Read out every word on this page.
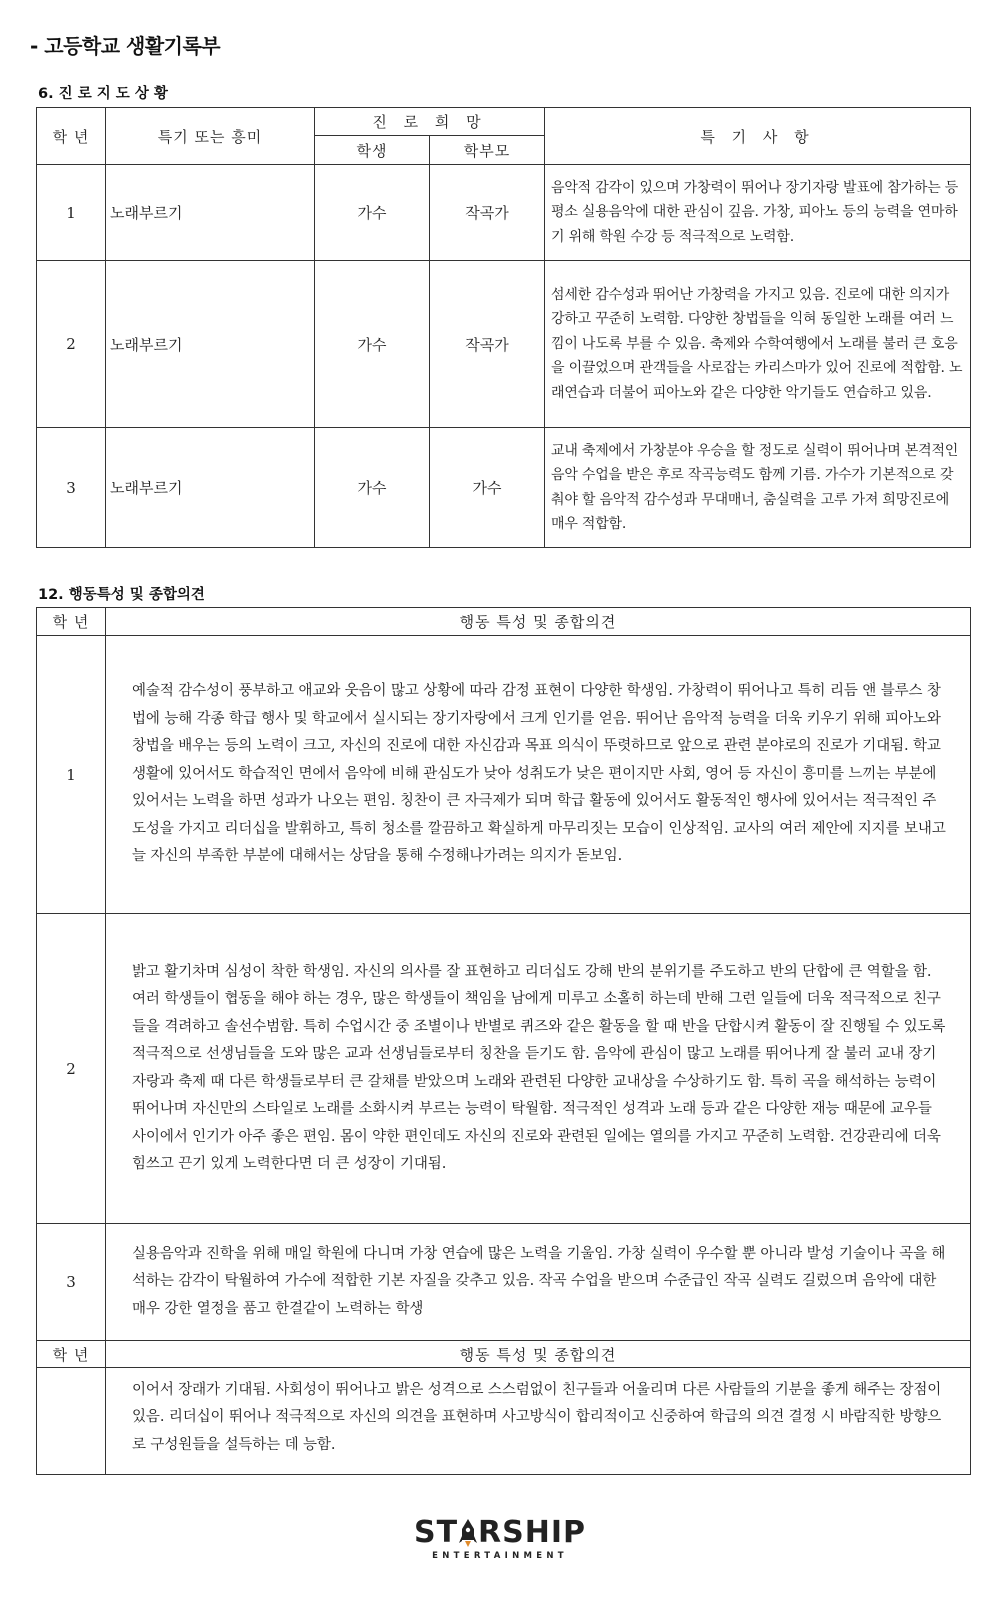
- 고등학교 생활기록부
6. 진 로 지 도 상 황
학 년	특기 또는 흥미	진 로 희 망		특 기 사 항
		학생	학부모	
1	노래부르기	가수	작곡가	음악적 감각이 있으며 가창력이 뛰어나 장기자랑 발표에 참가하는 등 평소 실용음악에 대한 관심이 깊음. 가창, 피아노 등의 능력을 연마하기 위해 학원 수강 등 적극적으로 노력함.
2	노래부르기	가수	작곡가	섬세한 감수성과 뛰어난 가창력을 가지고 있음. 진로에 대한 의지가 강하고 꾸준히 노력함. 다양한 창법들을 익혀 동일한 노래를 여러 느낌이 나도록 부를 수 있음. 축제와 수학여행에서 노래를 불러 큰 호응을 이끌었으며 관객들을 사로잡는 카리스마가 있어 진로에 적합함. 노래연습과 더불어 피아노와 같은 다양한 악기들도 연습하고 있음.
3	노래부르기	가수	가수	교내 축제에서 가창분야 우승을 할 정도로 실력이 뛰어나며 본격적인 음악 수업을 받은 후로 작곡능력도 함께 기름. 가수가 기본적으로 갖춰야 할 음악적 감수성과 무대매너, 춤실력을 고루 가져 희망진로에 매우 적합함.
12. 행동특성 및 종합의견
학 년	행동 특성 및 종합의견
1	예술적 감수성이 풍부하고 애교와 웃음이 많고 상황에 따라 감정 표현이 다양한 학생임. 가창력이 뛰어나고 특히 리듬 앤 블루스 창법에 능해 각종 학급 행사 및 학교에서 실시되는 장기자랑에서 크게 인기를 얻음. 뛰어난 음악적 능력을 더욱 키우기 위해 피아노와 창법을 배우는 등의 노력이 크고, 자신의 진로에 대한 자신감과 목표 의식이 뚜렷하므로 앞으로 관련 분야로의 진로가 기대됨. 학교 생활에 있어서도 학습적인 면에서 음악에 비해 관심도가 낮아 성취도가 낮은 편이지만 사회, 영어 등 자신이 흥미를 느끼는 부분에 있어서는 노력을 하면 성과가 나오는 편임. 칭찬이 큰 자극제가 되며 학급 활동에 있어서도 활동적인 행사에 있어서는 적극적인 주도성을 가지고 리더십을 발휘하고, 특히 청소를 깔끔하고 확실하게 마무리짓는 모습이 인상적임. 교사의 여러 제안에 지지를 보내고 늘 자신의 부족한 부분에 대해서는 상담을 통해 수정해나가려는 의지가 돋보임.
2	밝고 활기차며 심성이 착한 학생임. 자신의 의사를 잘 표현하고 리더십도 강해 반의 분위기를 주도하고 반의 단합에 큰 역할을 함. 여러 학생들이 협동을 해야 하는 경우, 많은 학생들이 책임을 남에게 미루고 소홀히 하는데 반해 그런 일들에 더욱 적극적으로 친구들을 격려하고 솔선수범함. 특히 수업시간 중 조별이나 반별로 퀴즈와 같은 활동을 할 때 반을 단합시켜 활동이 잘 진행될 수 있도록 적극적으로 선생님들을 도와 많은 교과 선생님들로부터 칭찬을 듣기도 함. 음악에 관심이 많고 노래를 뛰어나게 잘 불러 교내 장기자랑과 축제 때 다른 학생들로부터 큰 갈채를 받았으며 노래와 관련된 다양한 교내상을 수상하기도 함. 특히 곡을 해석하는 능력이 뛰어나며 자신만의 스타일로 노래를 소화시켜 부르는 능력이 탁월함. 적극적인 성격과 노래 등과 같은 다양한 재능 때문에 교우들 사이에서 인기가 아주 좋은 편임. 몸이 약한 편인데도 자신의 진로와 관련된 일에는 열의를 가지고 꾸준히 노력함. 건강관리에 더욱 힘쓰고 끈기 있게 노력한다면 더 큰 성장이 기대됨.
3	실용음악과 진학을 위해 매일 학원에 다니며 가창 연습에 많은 노력을 기울임. 가창 실력이 우수할 뿐 아니라 발성 기술이나 곡을 해석하는 감각이 탁월하여 가수에 적합한 기본 자질을 갖추고 있음. 작곡 수업을 받으며 수준급인 작곡 실력도 길렀으며 음악에 대한 매우 강한 열정을 품고 한결같이 노력하는 학생
학 년	행동 특성 및 종합의견
	이어서 장래가 기대됨. 사회성이 뛰어나고 밝은 성격으로 스스럼없이 친구들과 어울리며 다른 사람들의 기분을 좋게 해주는 장점이 있음. 리더십이 뛰어나 적극적으로 자신의 의견을 표현하며 사고방식이 합리적이고 신중하여 학급의 의견 결정 시 바람직한 방향으로 구성원들을 설득하는 데 능함.
ST RSHIP
ENTERTAINMENT
